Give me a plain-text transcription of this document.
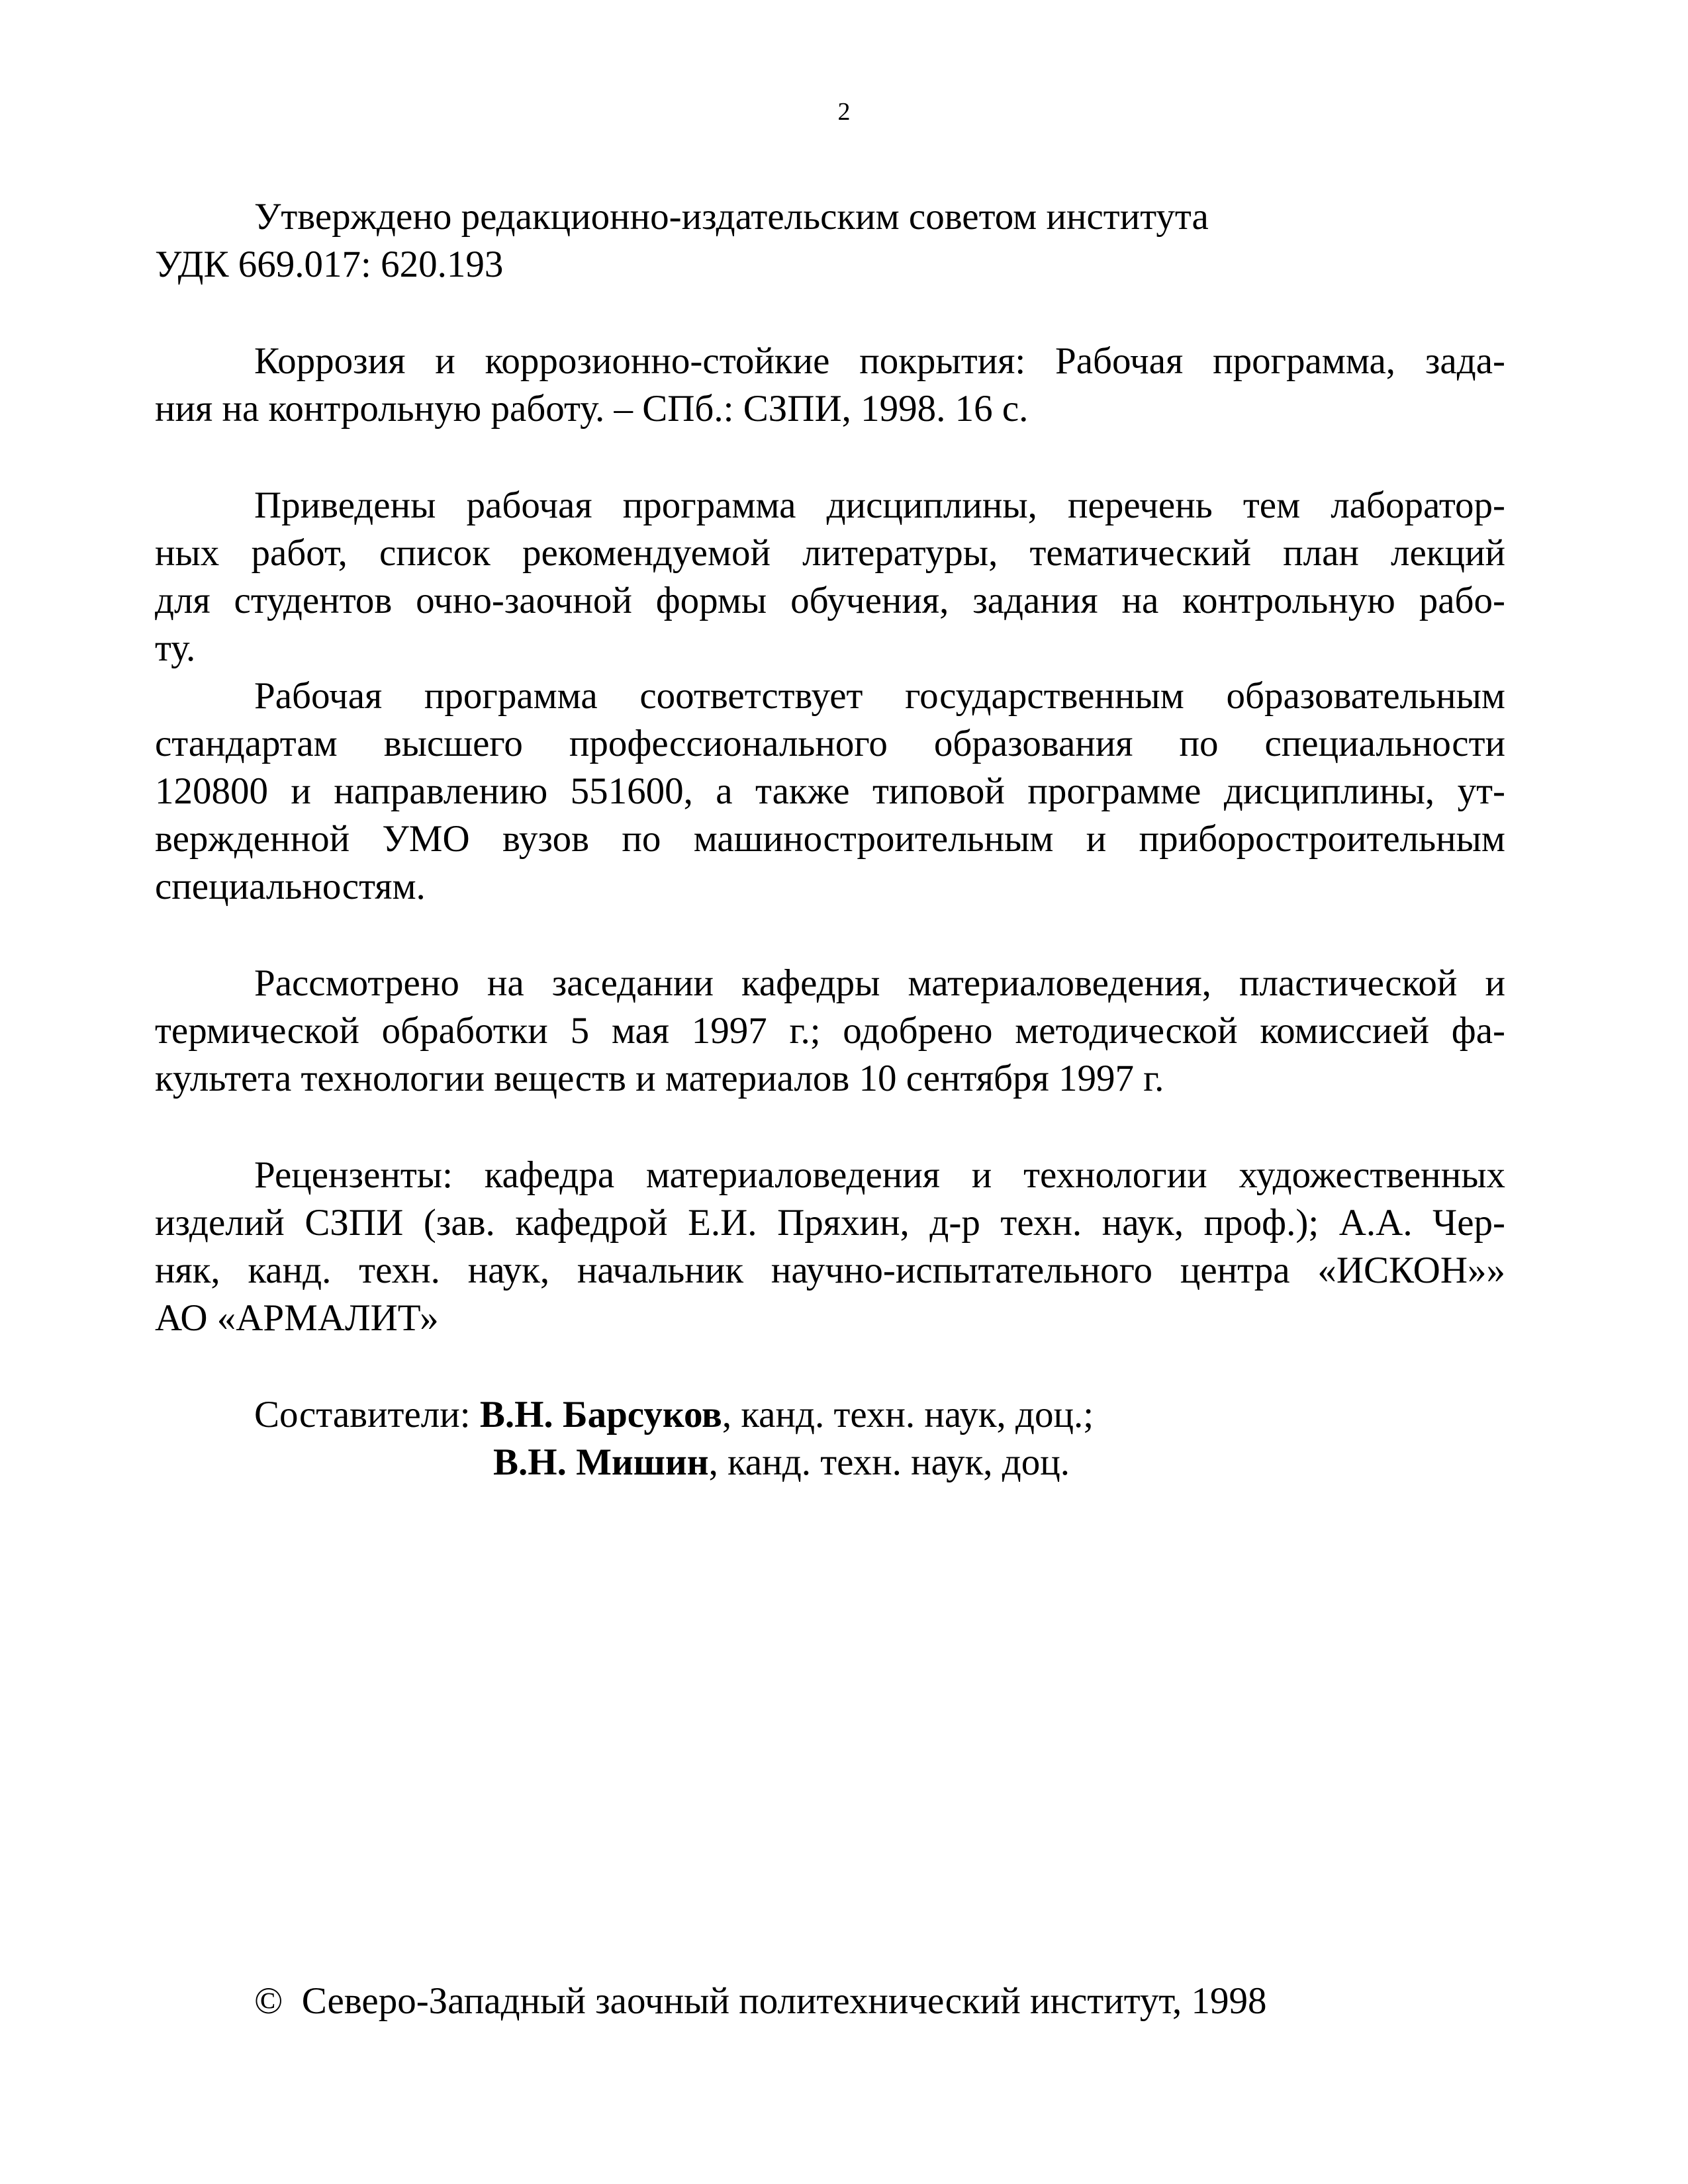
2
Утверждено редакционно-издательским советом института
УДК 669.017: 620.193
Коррозия и коррозионно-стойкие покрытия: Рабочая программа, зада-
ния на контрольную работу. – СПб.: СЗПИ, 1998. 16 с.
Приведены рабочая программа дисциплины, перечень тем лаборатор-
ных работ, список рекомендуемой литературы, тематический план лекций
для студентов очно-заочной формы обучения, задания на контрольную рабо-
ту.
Рабочая программа соответствует государственным образовательным
стандартам высшего профессионального образования по специальности
120800 и направлению 551600, а также типовой программе дисциплины, ут-
вержденной УМО вузов по машиностроительным и приборостроительным
специальностям.
Рассмотрено на заседании кафедры материаловедения, пластической и
термической обработки 5 мая 1997 г.; одобрено методической комиссией фа-
культета технологии веществ и материалов 10 сентября 1997 г.
Рецензенты: кафедра материаловедения и технологии художественных
изделий СЗПИ (зав. кафедрой Е.И. Пряхин, д-р техн. наук, проф.); А.А. Чер-
няк, канд. техн. наук, начальник научно-испытательного центра «ИСКОН»»
АО «АРМАЛИТ»
Составители: В.Н. Барсуков, канд. техн. наук, доц.;
В.Н. Мишин, канд. техн. наук, доц.
©  Северо-Западный заочный политехнический институт, 1998
